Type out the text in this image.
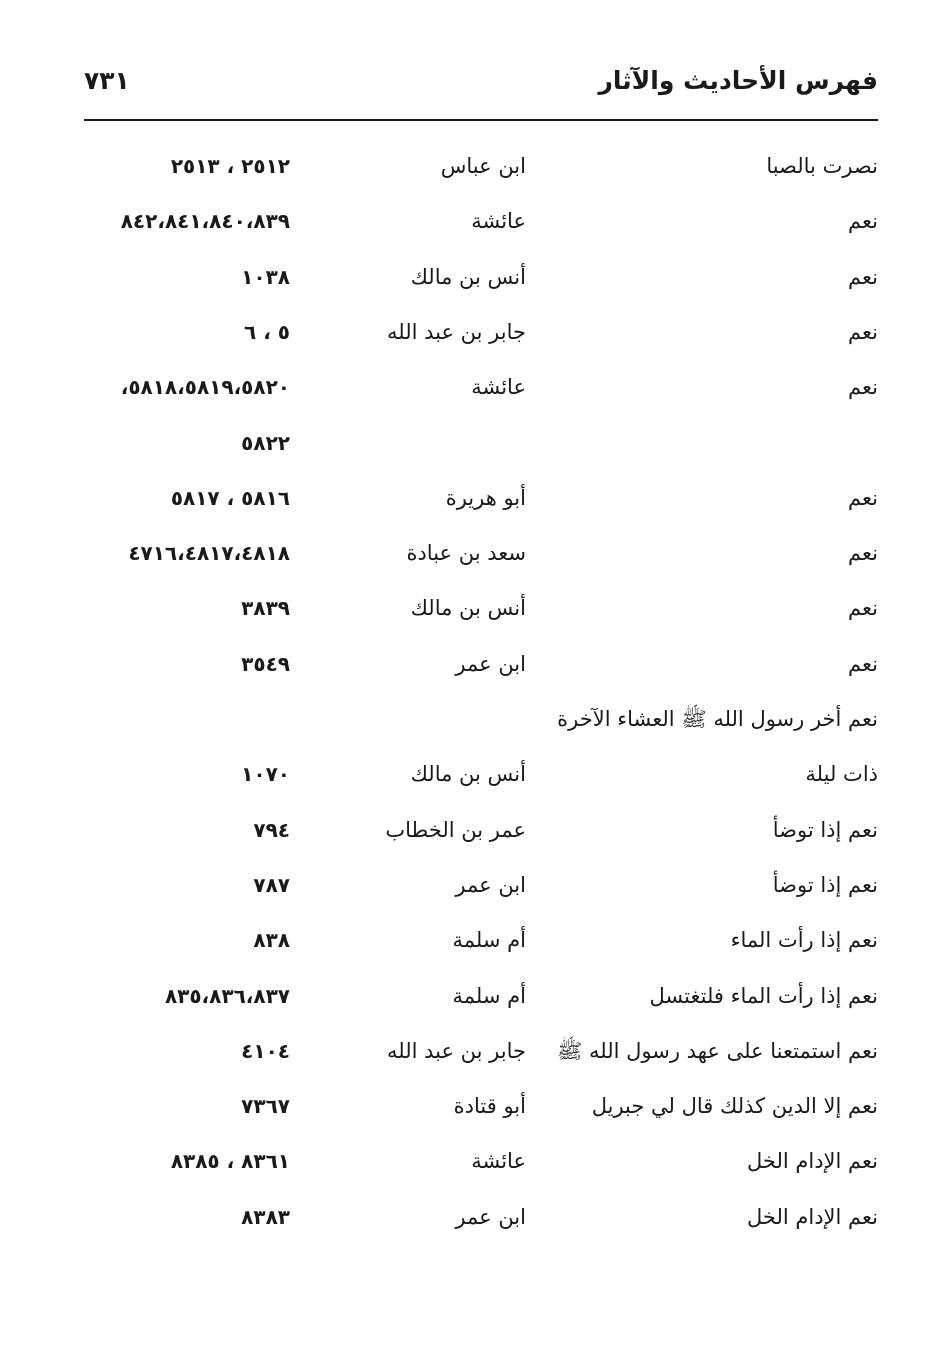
فهرس الأحاديث والآثار
٧٣١
نصرت بالصبا
ابن عباس
٢٥١٢ ، ٢٥١٣
نعم
عائشة
٨٤٢،٨٤١،٨٤٠،٨٣٩
نعم
أنس بن مالك
١٠٣٨
نعم
جابر بن عبد الله
٥ ، ٦
نعم
عائشة
٥٨١٨،٥٨١٩،٥٨٢٠،
٥٨٢٢
نعم
أبو هريرة
٥٨١٦ ، ٥٨١٧
نعم
سعد بن عبادة
٤٧١٦،٤٨١٧،٤٨١٨
نعم
أنس بن مالك
٣٨٣٩
نعم
ابن عمر
٣٥٤٩
نعم أخر رسول الله ﷺ العشاء الآخرة
ذات ليلة
أنس بن مالك
١٠٧٠
نعم إذا توضأ
عمر بن الخطاب
٧٩٤
نعم إذا توضأ
ابن عمر
٧٨٧
نعم إذا رأت الماء
أم سلمة
٨٣٨
نعم إذا رأت الماء فلتغتسل
أم سلمة
٨٣٥،٨٣٦،٨٣٧
نعم استمتعنا على عهد رسول الله ﷺ
جابر بن عبد الله
٤١٠٤
نعم إلا الدين كذلك قال لي جبريل
أبو قتادة
٧٣٦٧
نعم الإدام الخل
عائشة
٨٣٦١ ، ٨٣٨٥
نعم الإدام الخل
ابن عمر
٨٣٨٣
